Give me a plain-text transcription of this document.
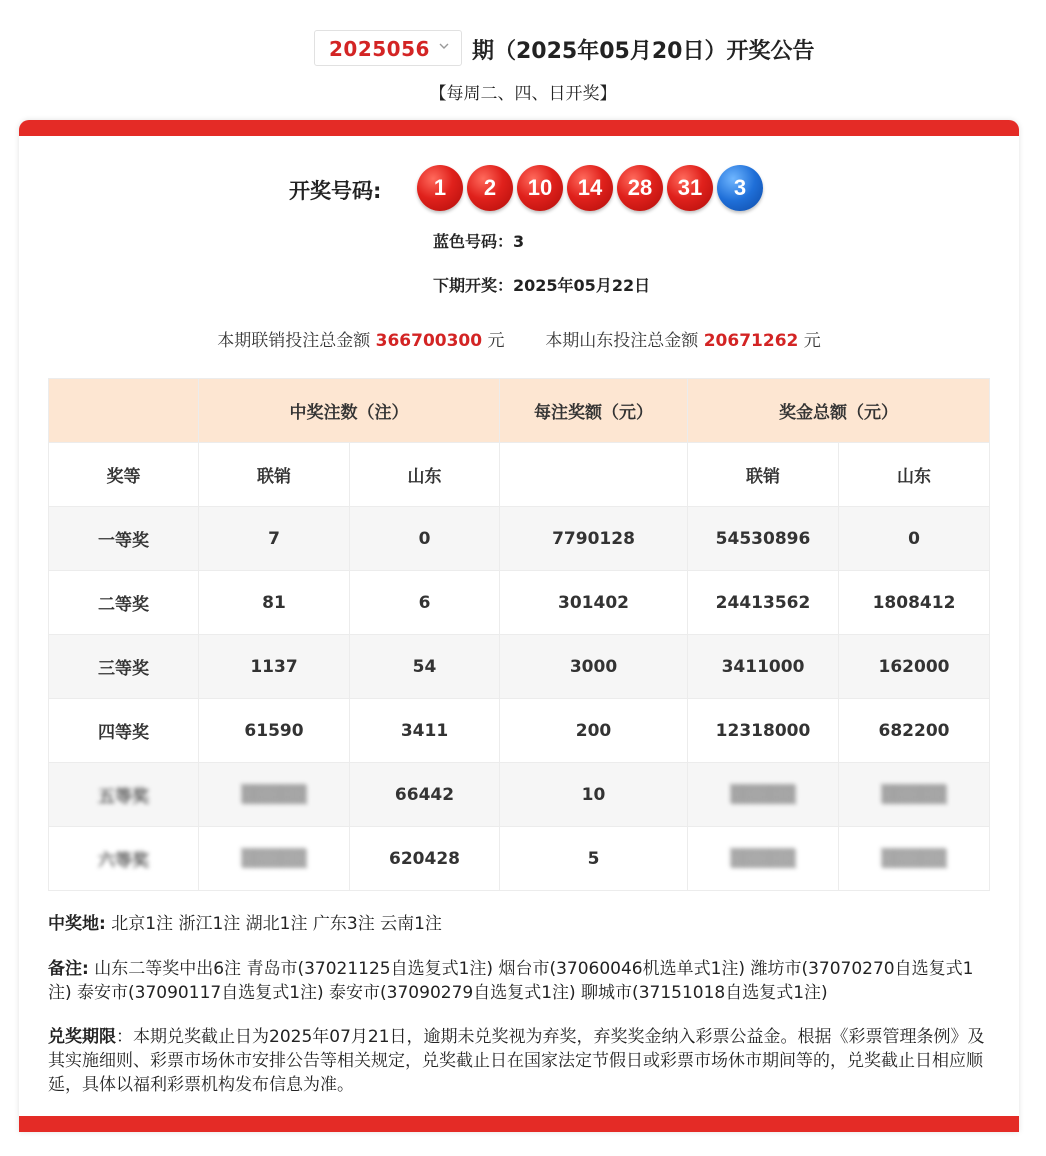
2025056 期（2025年05月20日）开奖公告
【每周二、四、日开奖】
开奖号码:	1	2	10	14	28	31	3
蓝色号码：3
下期开奖：2025年05月22日
本期联销投注总金额 366700300 元 本期山东投注总金额 20671262 元
	中奖注数（注）		每注奖额（元）	奖金总额（元）	
奖等	联销	山东		联销	山东
一等奖	7	0	7790128	54530896	0
二等奖	81	6	301402	24413562	1808412
三等奖	1137	54	3000	3411000	162000
四等奖	61590	3411	200	12318000	682200
五等奖	▒▒▒▒▒	66442	10	▒▒▒▒▒	▒▒▒▒▒
六等奖	▒▒▒▒▒	620428	5	▒▒▒▒▒	▒▒▒▒▒
中奖地: 北京1注 浙江1注 湖北1注 广东3注 云南1注
备注: 山东二等奖中出6注 青岛市(37021125自选复式1注) 烟台市(37060046机选单式1注) 潍坊市(37070270自选复式1注) 泰安市(37090117自选复式1注) 泰安市(37090279自选复式1注) 聊城市(37151018自选复式1注)
兑奖期限：本期兑奖截止日为2025年07月21日，逾期未兑奖视为弃奖，弃奖奖金纳入彩票公益金。根据《彩票管理条例》及其实施细则、彩票市场休市安排公告等相关规定，兑奖截止日在国家法定节假日或彩票市场休市期间等的，兑奖截止日相应顺延，具体以福利彩票机构发布信息为准。
